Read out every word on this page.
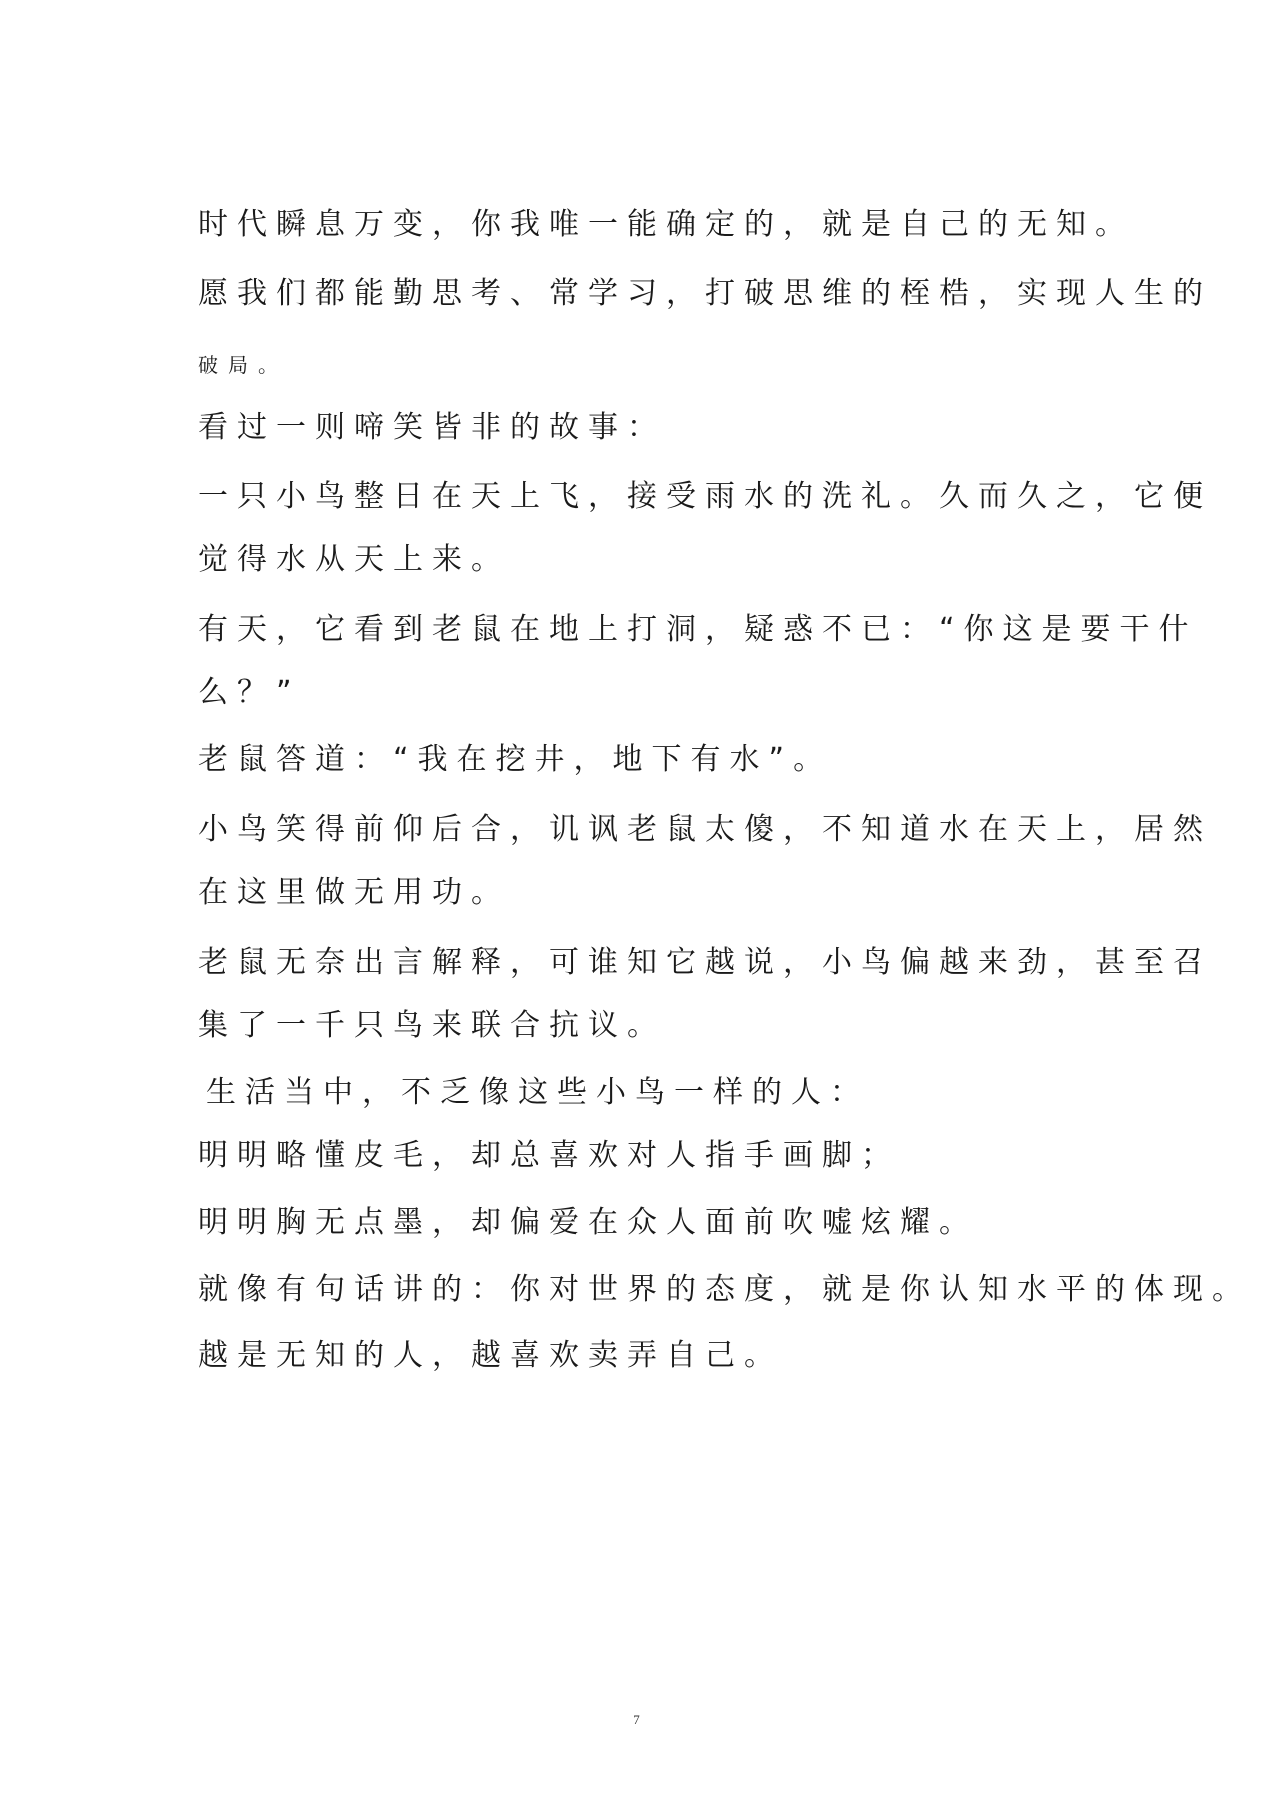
时代瞬息万变，你我唯一能确定的，就是自己的无知。
愿我们都能勤思考、常学习，打破思维的桎梏，实现人生的
破局。
看过一则啼笑皆非的故事：
一只小鸟整日在天上飞，接受雨水的洗礼。久而久之，它便
觉得水从天上来。
有天，它看到老鼠在地上打洞，疑惑不已：“你这是要干什
么？”
老鼠答道：“我在挖井，地下有水”。
小鸟笑得前仰后合，讥讽老鼠太傻，不知道水在天上，居然
在这里做无用功。
老鼠无奈出言解释，可谁知它越说，小鸟偏越来劲，甚至召
集了一千只鸟来联合抗议。
生活当中，不乏像这些小鸟一样的人：
明明略懂皮毛，却总喜欢对人指手画脚；
明明胸无点墨，却偏爱在众人面前吹嘘炫耀。
就像有句话讲的：你对世界的态度，就是你认知水平的体现。
越是无知的人，越喜欢卖弄自己。
7
